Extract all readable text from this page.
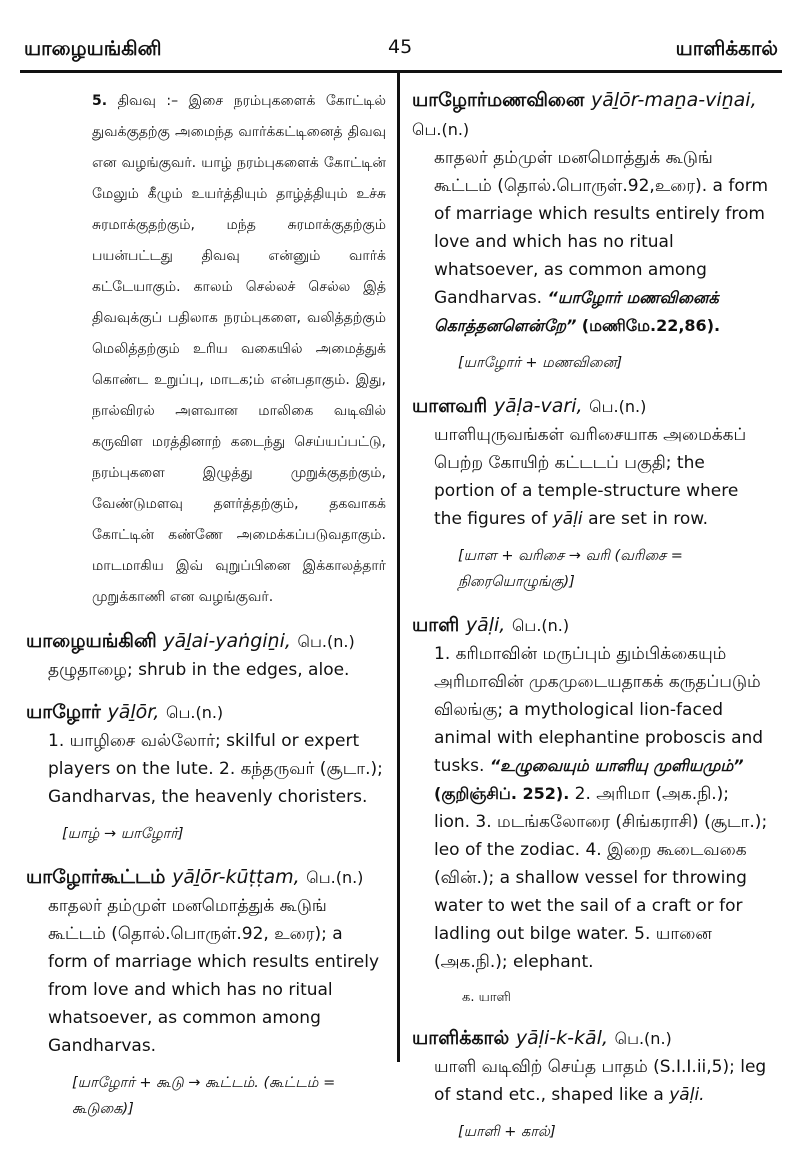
யாழையங்கினி	45	யாளிக்கால்
5. திவவு :– இசை நரம்புகளைக் கோட்டில் துவக்குதற்கு அமைந்த வார்க்கட்டினைத் திவவு என வழங்குவர். யாழ் நரம்புகளைக் கோட்டின் மேலும் கீழும் உயர்த்தியும் தாழ்த்தியும் உச்சு சுரமாக்குதற்கும், மந்த சுரமாக்குதற்கும் பயன்பட்டது திவவு என்னும் வார்க் கட்டேயாகும். காலம் செல்லச் செல்ல இத் திவவுக்குப் பதிலாக நரம்புகளை, வலித்தற்கும் மெலித்தற்கும் உரிய வகையில் அமைத்துக் கொண்ட உறுப்பு, மாடக;ம் என்பதாகும். இது, நால்விரல் அளவான மாலிகை வடிவில் கருவிள மரத்தினாற் கடைந்து செய்யப்பட்டு, நரம்புகளை இழுத்து முறுக்குதற்கும், வேண்டுமளவு தளர்த்தற்கும், தகவாகக் கோட்டின் கண்ணே அமைக்கப்படுவதாகும். மாடமாகிய இவ் வுறுப்பினை இக்காலத்தார் முறுக்காணி என வழங்குவர்.
யாழையங்கினி yāḻai-yaṅgiṉi, பெ.(n.)
தழுதாழை; shrub in the edges, aloe.
யாழோர் yāḻōr, பெ.(n.)
1. யாழிசை வல்லோர்; skilful or expert players on the lute. 2. கந்தருவர் (சூடா.); Gandharvas, the heavenly choristers.
[யாழ் → யாழோர்]
யாழோர்கூட்டம் yāḻōr-kūṭṭam, பெ.(n.)
காதலர் தம்முள் மனமொத்துக் கூடுங் கூட்டம் (தொல்.பொருள்.92, உரை); a form of marriage which results entirely from love and which has no ritual whatsoever, as common among Gandharvas.
[யாழோர் + கூடு → கூட்டம். (கூட்டம் = கூடுகை)]
யாழோர்மணவினை yāḻōr-maṉa-viṉai, பெ.(n.)
காதலர் தம்முள் மனமொத்துக் கூடுங் கூட்டம் (தொல்.பொருள்.92,உரை). a form of marriage which results entirely from love and which has no ritual whatsoever, as common among Gandharvas. “யாழோர் மணவினைக் கொத்தனளென்றே” (மணிமே.22,86).
[யாழோர் + மணவினை]
யாளவரி yāḷa-vari, பெ.(n.)
யாளியுருவங்கள் வரிசையாக அமைக்கப் பெற்ற கோயிற் கட்டடப் பகுதி; the portion of a temple-structure where the figures of yāḷi are set in row.
[யாள + வரிசை → வரி (வரிசை = நிரையொழுங்கு)]
யாளி yāḷi, பெ.(n.)
1. கரிமாவின் மருப்பும் தும்பிக்கையும் அரிமாவின் முகமுடையதாகக் கருதப்படும் விலங்கு; a mythological lion-faced animal with elephantine proboscis and tusks. “உழுவையும் யாளியு முளியமும்” (குறிஞ்சிப். 252). 2. அரிமா (அக.நி.); lion. 3. மடங்கலோரை (சிங்கராசி) (சூடா.); leo of the zodiac. 4. இறை கூடைவகை (வின்.); a shallow vessel for throwing water to wet the sail of a craft or for ladling out bilge water. 5. யானை (அக.நி.); elephant.
க. யாளி
யாளிக்கால் yāḷi-k-kāl, பெ.(n.)
யாளி வடிவிற் செய்த பாதம் (S.I.I.ii,5); leg of stand etc., shaped like a yāḷi.
[யாளி + கால்]
